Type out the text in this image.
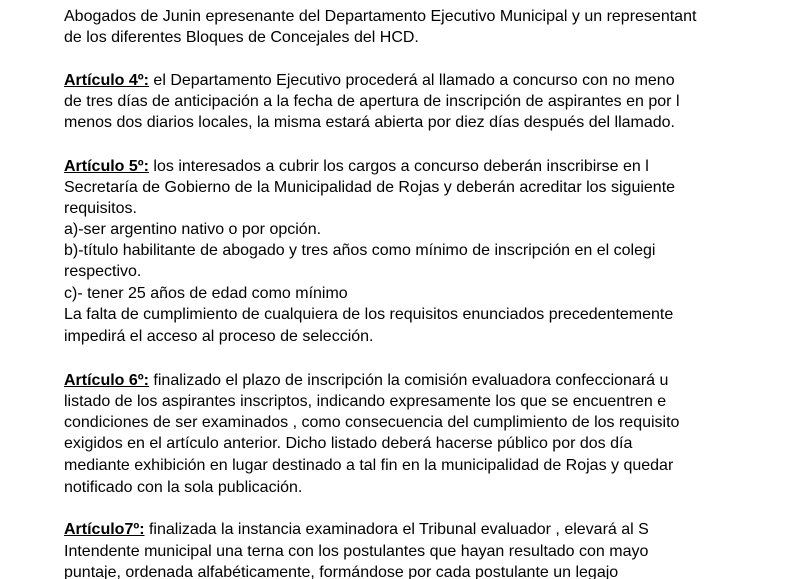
Abogados de Junin epresenante del Departamento Ejecutivo Municipal y un representant

de los diferentes Bloques de Concejales del HCD.

Artículo 4º: el Departamento Ejecutivo procederá al llamado a concurso con no meno

de tres días de anticipación a la fecha de apertura de inscripción de aspirantes en por l

menos dos diarios locales, la misma estará abierta por diez días después del llamado.

Artículo 5º: los interesados a cubrir los cargos a concurso deberán inscribirse en l

Secretaría de Gobierno de la Municipalidad de Rojas y deberán acreditar los siguiente

requisitos.

a)-ser argentino nativo o por opción.

b)-título habilitante de abogado y tres años como mínimo de inscripción en el colegi

respectivo.

c)- tener 25 años de edad como mínimo

La falta de cumplimiento de cualquiera de los requisitos enunciados precedentemente

impedirá el acceso al proceso de selección.

Artículo 6º: finalizado el plazo de inscripción la comisión evaluadora confeccionará u

listado de los aspirantes inscriptos, indicando expresamente los que se encuentren e

condiciones de ser examinados , como consecuencia del cumplimiento de los requisito

exigidos en el artículo anterior. Dicho listado deberá hacerse público por dos día

mediante exhibición en lugar destinado a tal fin en la municipalidad de Rojas y quedar

notificado con la sola publicación.

Artículo7º: finalizada la instancia examinadora el Tribunal evaluador , elevará al S

Intendente municipal una terna con los postulantes que hayan resultado con mayo

puntaje, ordenada alfabéticamente, formándose por cada postulante un legajo
